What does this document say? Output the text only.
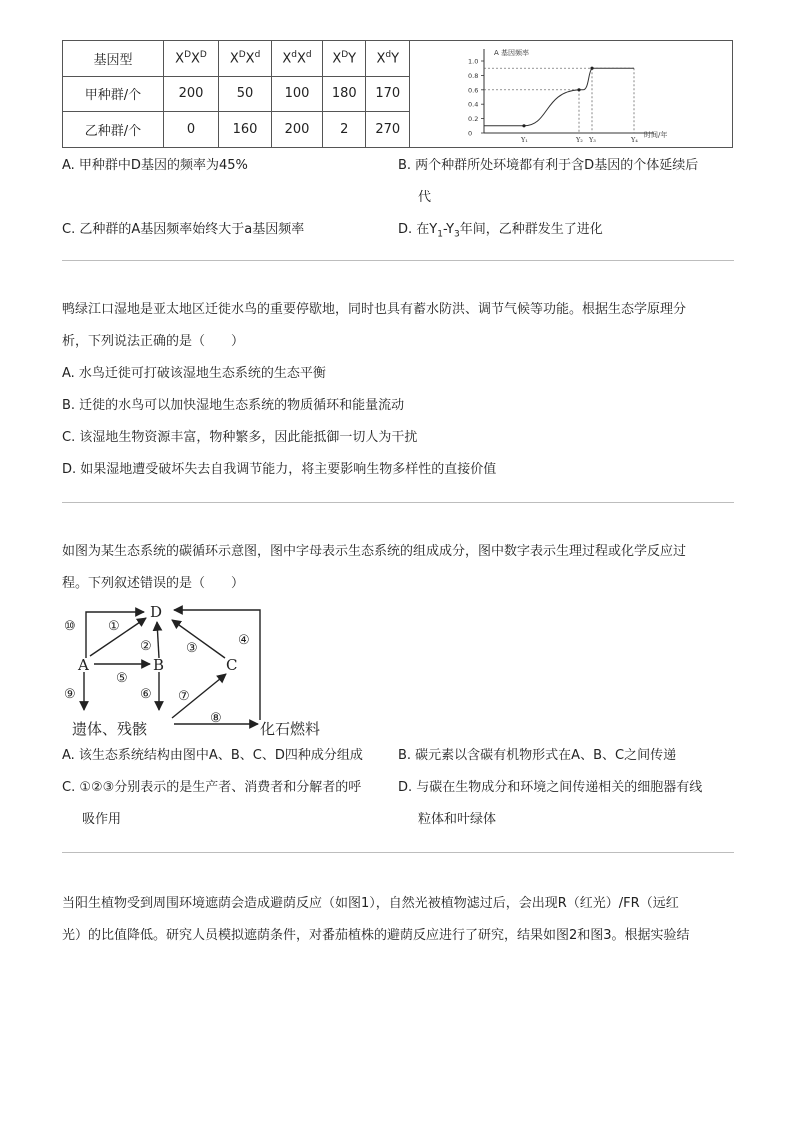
基因型	$X^DX^D$	$X^DX^d$	$X^dX^d$	$X^DY$	$X^dY$
甲种群/个	200	50	100	180	170
乙种群/个	0	160	200	2	270
A 基因频率
时间/年
0
0.2
0.4
0.6
0.8
1.0
Y₁	Y₂ Y₃	Y₄
A. 甲种群中D基因的频率为45%	B. 两个种群所处环境都有利于含D基因的个体延续后
代
C. 乙种群的A基因频率始终大于a基因频率	D. 在$Y_1-Y_3$年间，乙种群发生了进化
鸭绿江口湿地是亚太地区迁徙水鸟的重要停歇地，同时也具有蓄水防洪、调节气候等功能。根据生态学原理分
析，下列说法正确的是（　　）
A. 水鸟迁徙可打破该湿地生态系统的生态平衡
B. 迁徙的水鸟可以加快湿地生态系统的物质循环和能量流动
C. 该湿地生物资源丰富，物种繁多，因此能抵御一切人为干扰
D. 如果湿地遭受破坏失去自我调节能力，将主要影响生物多样性的直接价值
如图为某生态系统的碳循环示意图，图中字母表示生态系统的组成成分，图中数字表示生理过程或化学反应过
程。下列叙述错误的是（　　）
D
A	B	C
遗体、残骸	化石燃料
⑩ ①
②	③
④
⑤
⑥ ⑦
⑧
⑨
A. 该生态系统结构由图中A、B、C、D四种成分组成	B. 碳元素以含碳有机物形式在A、B、C之间传递
C. ①②③分别表示的是生产者、消费者和分解者的呼
吸作用
D. 与碳在生物成分和环境之间传递相关的细胞器有线
粒体和叶绿体
当阳生植物受到周围环境遮荫会造成避荫反应（如图1），自然光被植物滤过后，会出现R（红光）/FR（远红
光）的比值降低。研究人员模拟遮荫条件，对番茄植株的避荫反应进行了研究，结果如图2和图3。根据实验结
